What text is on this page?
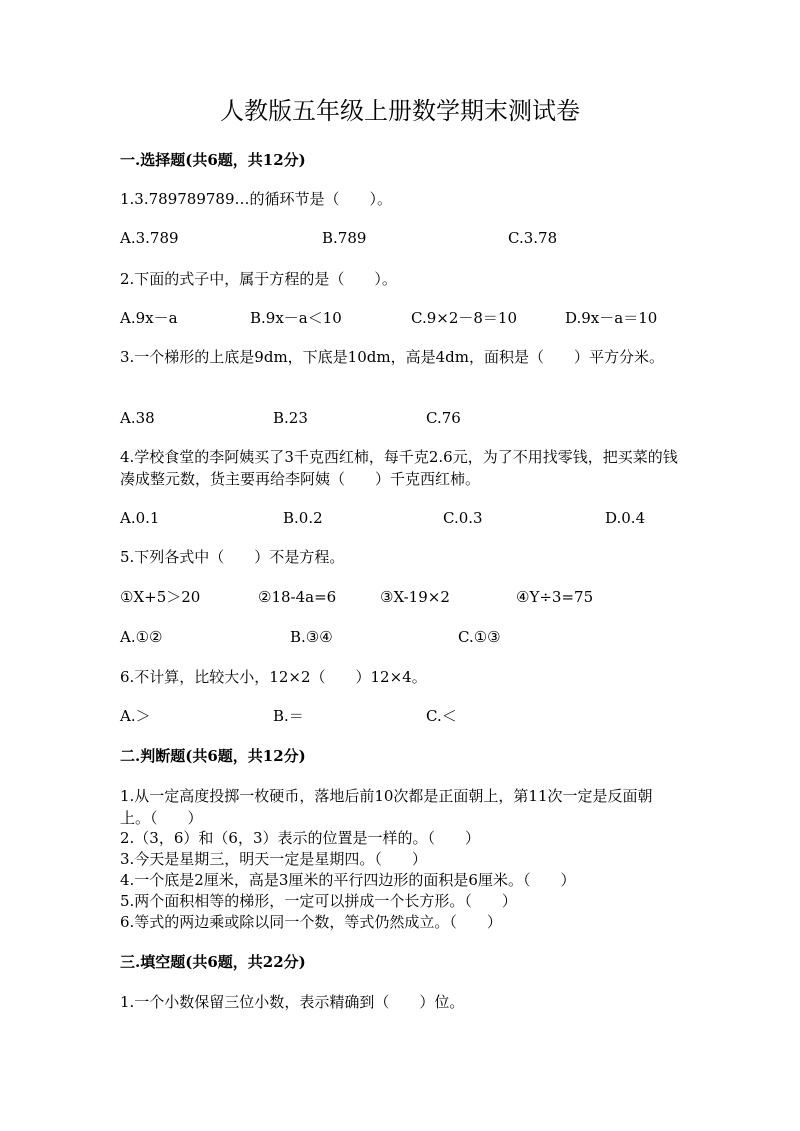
人教版五年级上册数学期末测试卷
一.选择题(共6题，共12分)
1.3.789789789…的循环节是（　　）。
A.3.789	B.789	C.3.78
2.下面的式子中，属于方程的是（　　）。
A.9x－a	B.9x－a＜10	C.9×2－8＝10	D.9x－a＝10
3.一个梯形的上底是9dm，下底是10dm，高是4dm，面积是（　　）平方分米。
A.38	B.23	C.76
4.学校食堂的李阿姨买了3千克西红柿，每千克2.6元，为了不用找零钱，把买菜的钱凑成整元数，货主要再给李阿姨（　　）千克西红柿。
A.0.1	B.0.2	C.0.3	D.0.4
5.下列各式中（　　）不是方程。
①X+5＞20	②18-4a=6	③X-19×2	④Y÷3=75
A.①②	B.③④	C.①③
6.不计算，比较大小，12×2（　　）12×4。
A.＞	B.＝	C.＜
二.判断题(共6题，共12分)
1.从一定高度投掷一枚硬币，落地后前10次都是正面朝上，第11次一定是反面朝上。（　　）
2.（3，6）和（6，3）表示的位置是一样的。（　　）
3.今天是星期三，明天一定是星期四。（　　）
4.一个底是2厘米，高是3厘米的平行四边形的面积是6厘米。（　　）
5.两个面积相等的梯形，一定可以拼成一个长方形。（　　）
6.等式的两边乘或除以同一个数，等式仍然成立。（　　）
三.填空题(共6题，共22分)
1.一个小数保留三位小数，表示精确到（　　）位。
